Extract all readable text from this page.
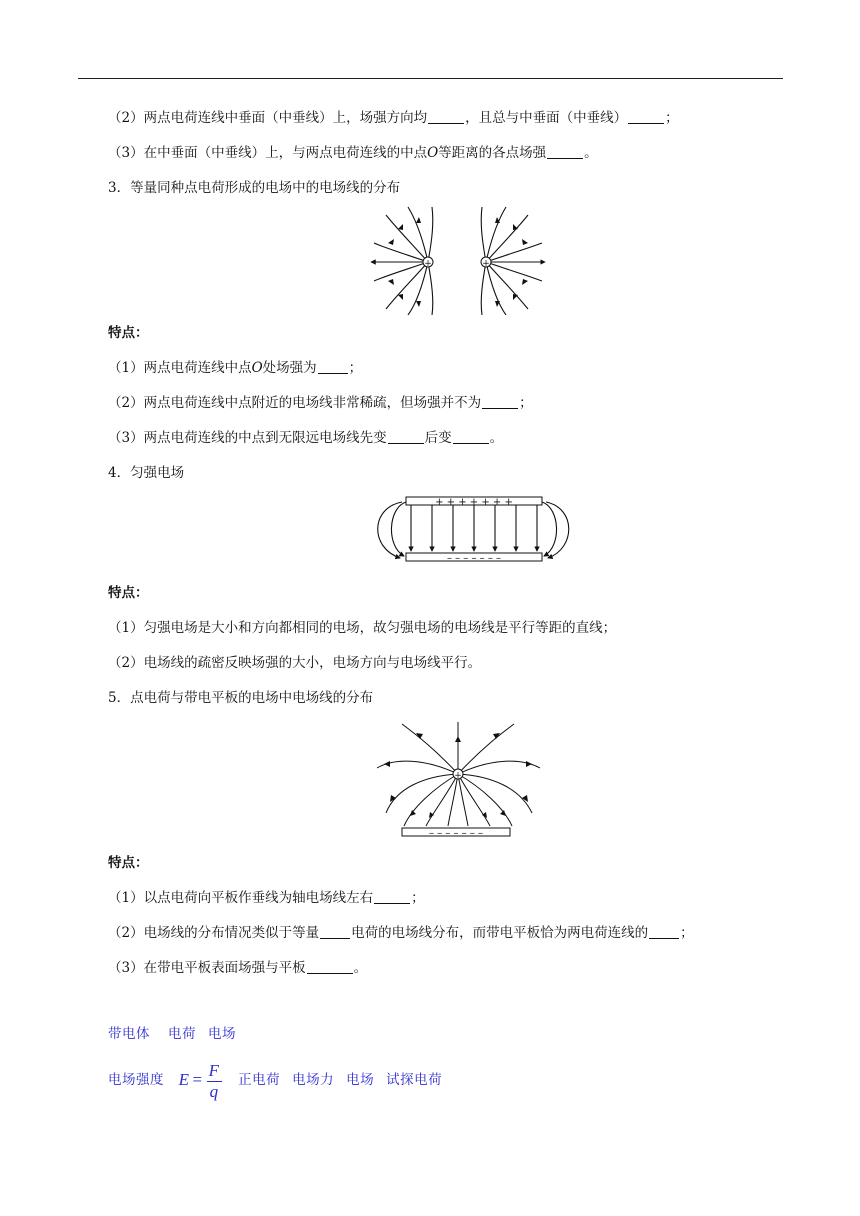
（2）两点电荷连线中垂面（中垂线）上，场强方向均	，且总与中垂面（中垂线）	；
（3）在中垂面（中垂线）上，与两点电荷连线的中点O等距离的各点场强	。
3．等量同种点电荷形成的电场中的电场线的分布
+	+
特点：
（1）两点电荷连线中点O处场强为 ；
（2）两点电荷连线中点附近的电场线非常稀疏，但场强并不为	；
（3）两点电荷连线的中点到无限远电场线先变	后变	。
4．匀强电场
+ + + + + + +
– – – – – – –
特点：
（1）匀强电场是大小和方向都相同的电场，故匀强电场的电场线是平行等距的直线；
（2）电场线的疏密反映场强的大小，电场方向与电场线平行。
5．点电荷与带电平板的电场中电场线的分布
+
– – – – – – –
特点：
（1）以点电荷向平板作垂线为轴电场线左右	；
（2）电场线的分布情况类似于等量 电荷的电场线分布，而带电平板恰为两电荷连线的 ；
（3）在带电平板表面场强与平板	。
带电体 电荷 电场
电场强度 $E = \frac{F}{q}$ 正电荷 电场力 电场 试探电荷
